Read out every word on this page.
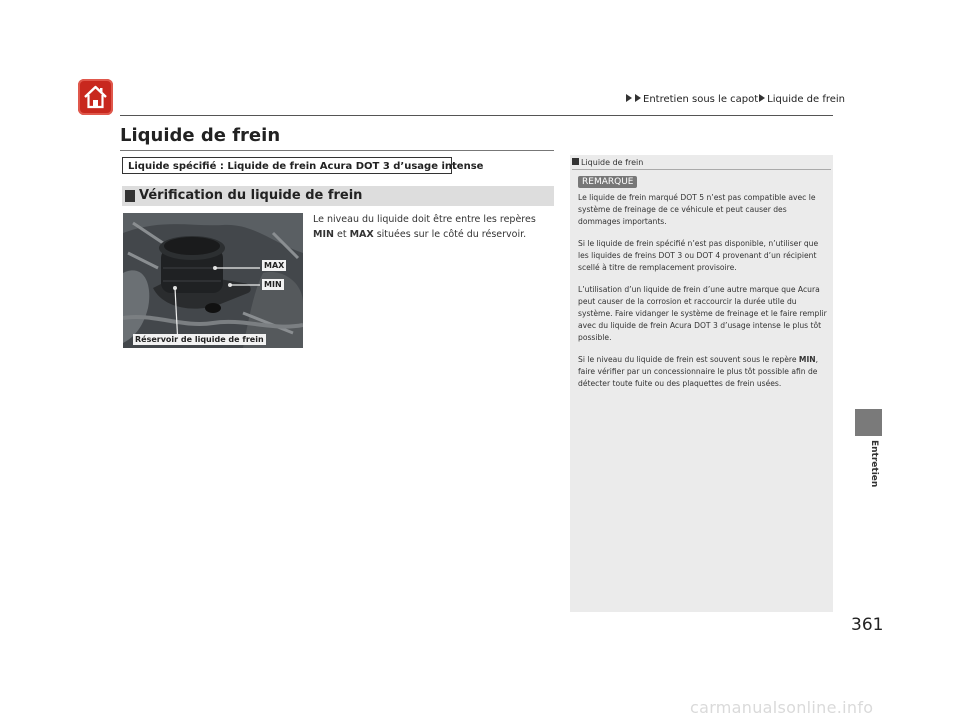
Entretien sous le capot Liquide de frein
Liquide de frein
Liquide spécifié : Liquide de frein Acura DOT 3 d’usage intense
Vérification du liquide de frein
Le niveau du liquide doit être entre les repères MIN et MAX situées sur le côté du réservoir.
MAX
MIN
Réservoir de liquide de frein
Liquide de frein
REMARQUE

Le liquide de frein marqué DOT 5 n’est pas compatible avec le système de freinage de ce véhicule et peut causer des dommages importants.

Si le liquide de frein spécifié n’est pas disponible, n’utiliser que les liquides de freins DOT 3 ou DOT 4 provenant d’un récipient scellé à titre de remplacement provisoire.

L’utilisation d’un liquide de frein d’une autre marque que Acura peut causer de la corrosion et raccourcir la durée utile du système. Faire vidanger le système de freinage et le faire remplir avec du liquide de frein Acura DOT 3 d’usage intense le plus tôt possible.

Si le niveau du liquide de frein est souvent sous le repère MIN, faire vérifier par un concessionnaire le plus tôt possible afin de détecter toute fuite ou des plaquettes de frein usées.

Entretien
361
carmanualsonline.info
